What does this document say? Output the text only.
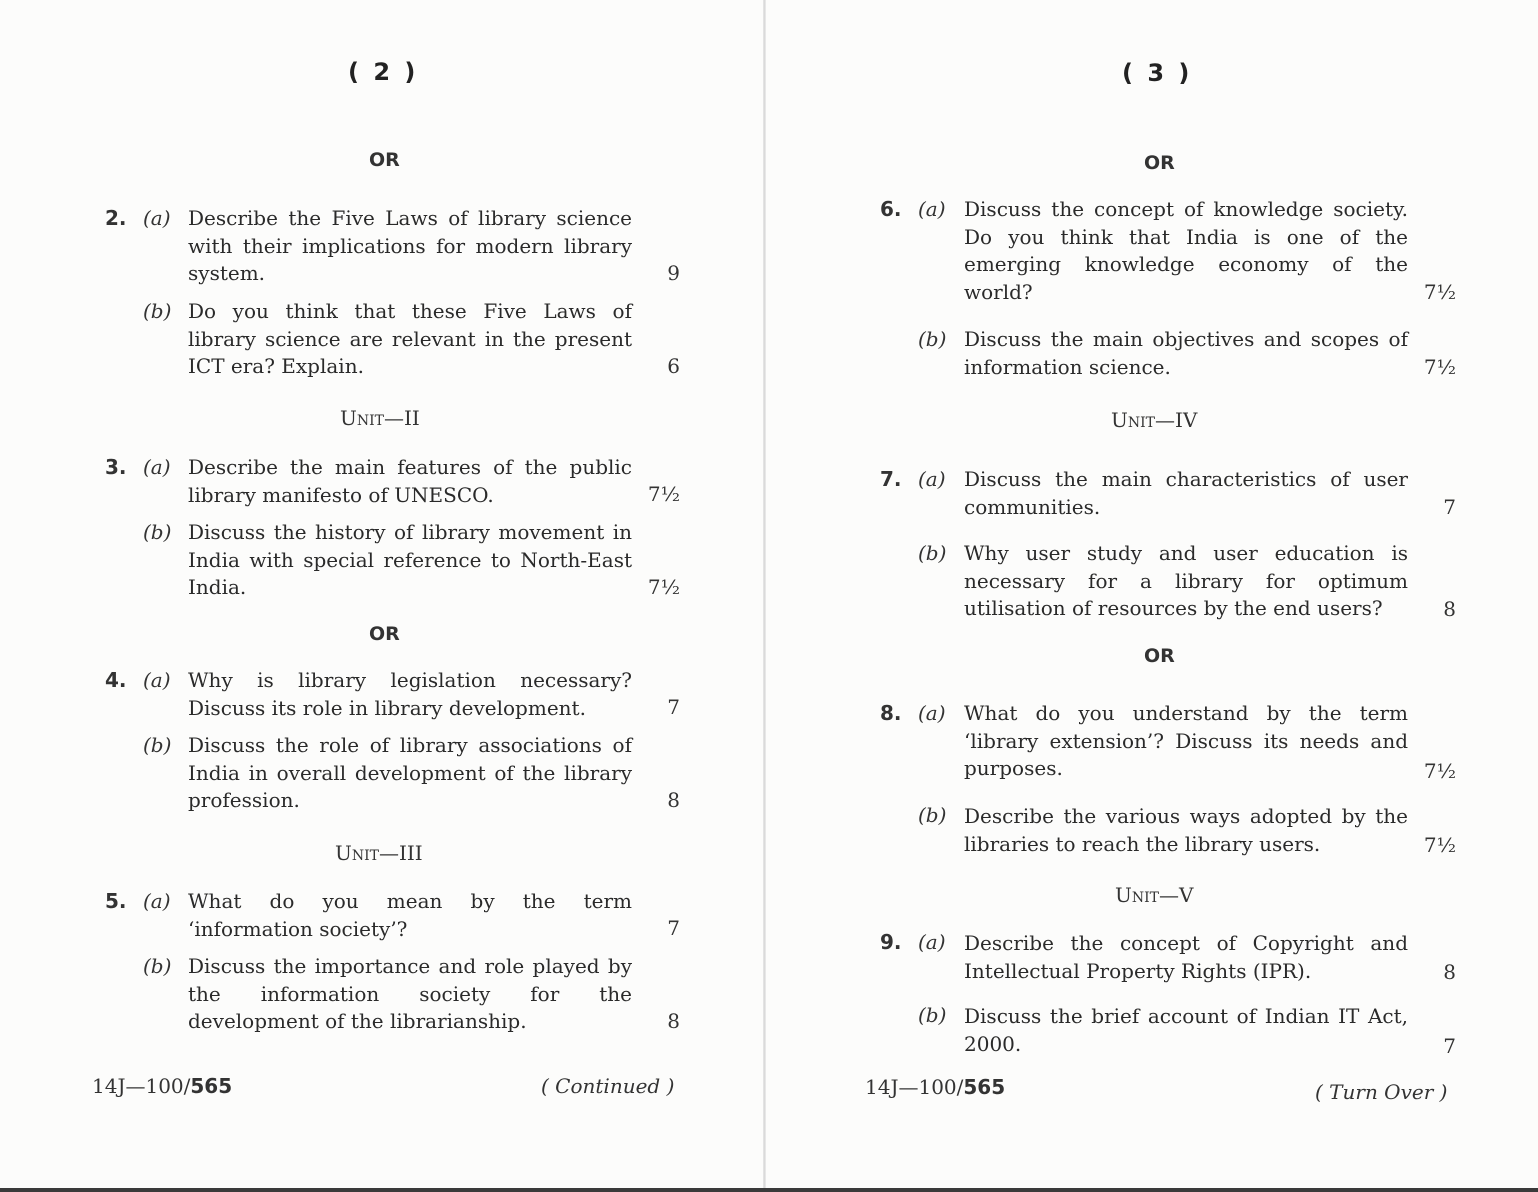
( 2 )
OR
2. (a) Describe the Five Laws of library science with their implications for modern library system.	9
(b) Do you think that these Five Laws of library science are relevant in the present ICT era? Explain.	6
Unit—II
3. (a) Describe the main features of the public library manifesto of UNESCO.	7½
(b) Discuss the history of library movement in India with special reference to North-East India.	7½
OR
4. (a) Why is library legislation necessary? Discuss its role in library development.	7
(b) Discuss the role of library associations of India in overall development of the library profession.	8
Unit—III
5. (a) What do you mean by the term ‘information society’?	7
(b) Discuss the importance and role played by the information society for the development of the librarianship.	8
14J—100/565	( Continued )
( 3 )
OR
6. (a) Discuss the concept of knowledge society. Do you think that India is one of the emerging knowledge economy of the world?	7½
(b) Discuss the main objectives and scopes of information science.	7½
Unit—IV
7. (a) Discuss the main characteristics of user communities.	7
(b) Why user study and user education is necessary for a library for optimum utilisation of resources by the end users?	8
OR
8. (a) What do you understand by the term ‘library extension’? Discuss its needs and purposes.	7½
(b) Describe the various ways adopted by the libraries to reach the library users.	7½
Unit—V
9. (a) Describe the concept of Copyright and Intellectual Property Rights (IPR).	8
(b) Discuss the brief account of Indian IT Act, 2000.	7
14J—100/565	( Turn Over )
